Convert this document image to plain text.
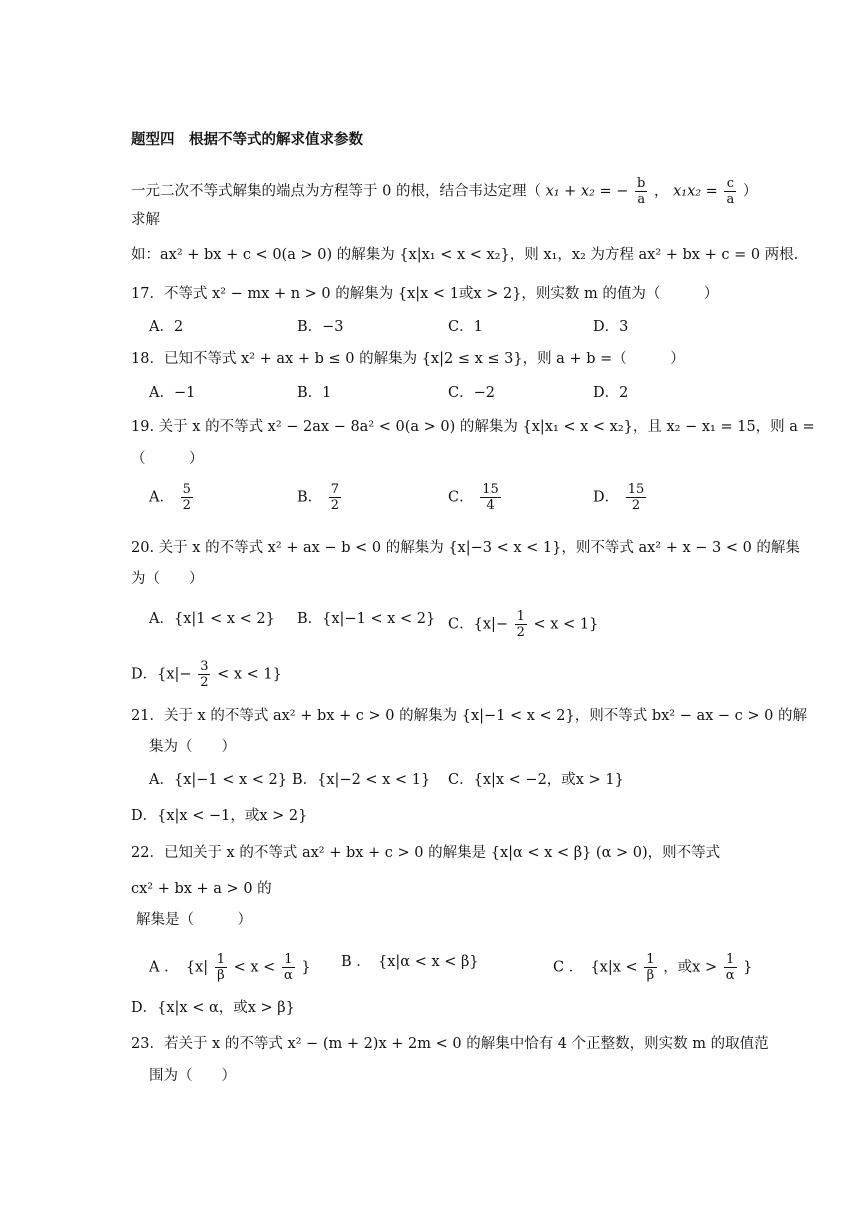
题型四　根据不等式的解求值求参数
一元二次不等式解集的端点为方程等于 0 的根，结合韦达定理（ x₁ + x₂ = − $\frac{b}{a}$ ， $x_1x_2 = \frac{c}{a}$ ）
求解
如：ax² + bx + c < 0(a > 0) 的解集为 {x|x₁ < x < x₂}，则 x₁，x₂ 为方程 ax² + bx + c = 0 两根.
17．不等式 x² − mx + n > 0 的解集为 {x|x < 1或x > 2}，则实数 m 的值为（　　　）
A．2	B．−3	C．1	D．3
18．已知不等式 x² + ax + b ≤ 0 的解集为 {x|2 ≤ x ≤ 3}，则 a + b =（　　　）
A．−1	B．1	C．−2	D．2
19. 关于 x 的不等式 x² − 2ax − 8a² < 0(a > 0) 的解集为 {x|x₁ < x < x₂}，且 x₂ − x₁ = 15，则 a =
（　　　）
A． $\frac{5}{2}$	B． $\frac{7}{2}$	C． $\frac{15}{4}$	D． $\frac{15}{2}$
20. 关于 x 的不等式 x² + ax − b < 0 的解集为 {x|−3 < x < 1}，则不等式 ax² + x − 3 < 0 的解集
为（　　）
A．{x|1 < x < 2} B．{x|−1 < x < 2} C．$\{x|- \frac{1}{2} < x < 1\}$
D．$\{x|- \frac{3}{2} < x < 1\}$
21．关于 x 的不等式 ax² + bx + c > 0 的解集为 {x|−1 < x < 2}，则不等式 bx² − ax − c > 0 的解
集为（　　）
A．{x|−1 < x < 2} B．{x|−2 < x < 1} C．{x|x < −2，或x > 1}
D．{x|x < −1，或x > 2}
22．已知关于 x 的不等式 ax² + bx + c > 0 的解集是 {x|α < x < β} (α > 0)，则不等式
cx² + bx + a > 0 的
解集是（　　　）
A ．　{$x| \frac{1}{\beta} < x < \frac{1}{\alpha}$ } B ．　{x|α < x < β}	C ．　{$x|x < \frac{1}{\beta}$ ，或$x > \frac{1}{\alpha}$ }
D．{x|x < α，或x > β}
23．若关于 x 的不等式 x² − (m + 2)x + 2m < 0 的解集中恰有 4 个正整数，则实数 m 的取值范
围为（　　）
